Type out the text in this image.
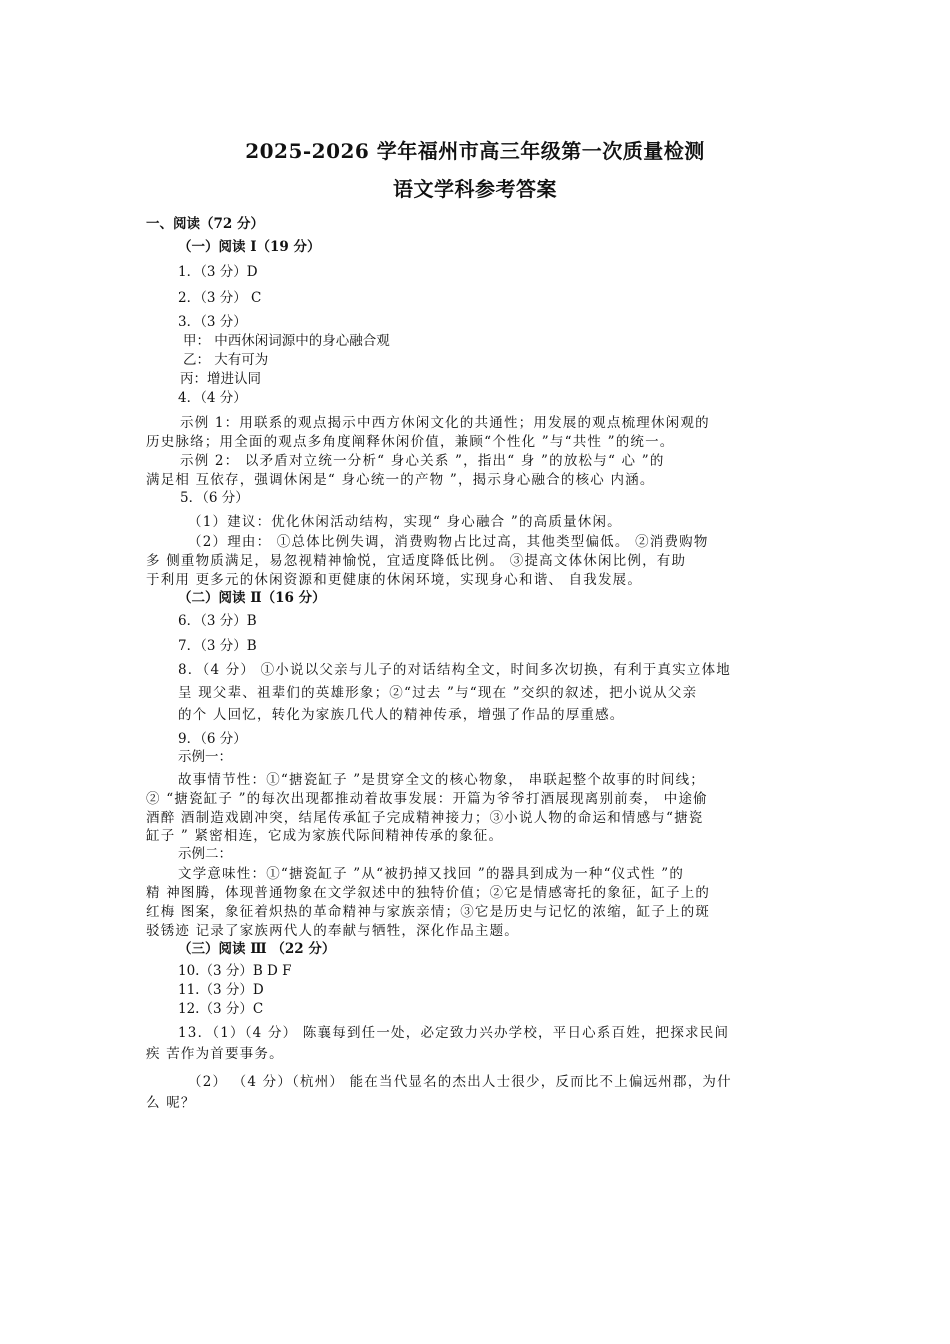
2025-2026 学年福州市高三年级第一次质量检测
语文学科参考答案
一、阅读（72 分）
（一）阅读 Ⅰ（19 分）
1．（3 分）D
2．（3 分） C
3．（3 分）
甲： 中西休闲词源中的身心融合观
乙： 大有可为
丙：增进认同
4．（4 分）
示例 1：用联系的观点揭示中西方休闲文化的共通性；用发展的观点梳理休闲观的
历史脉络；用全面的观点多角度阐释休闲价值，兼顾“个性化 ”与“共性 ”的统一。
示例 2： 以矛盾对立统一分析“ 身心关系 ”，指出“ 身 ”的放松与“ 心 ”的
满足相 互依存，强调休闲是“ 身心统一的产物 ”，揭示身心融合的核心 内涵。
5．（6 分）
（1）建议：优化休闲活动结构，实现“ 身心融合 ”的高质量休闲。
（2）理由： ①总体比例失调，消费购物占比过高，其他类型偏低。 ②消费购物
多 侧重物质满足，易忽视精神愉悦，宜适度降低比例。 ③提高文体休闲比例，有助
于利用 更多元的休闲资源和更健康的休闲环境，实现身心和谐、 自我发展。
（二）阅读 Ⅱ（16 分）
6．（3 分）B
7．（3 分）B
8．（4 分） ①小说以父亲与儿子的对话结构全文，时间多次切换，有利于真实立体地
呈 现父辈、祖辈们的英雄形象；②“过去 ”与“现在 ”交织的叙述，把小说从父亲
的个 人回忆，转化为家族几代人的精神传承，增强了作品的厚重感。
9．（6 分）
示例一：
故事情节性：①“搪瓷缸子 ”是贯穿全文的核心物象， 串联起整个故事的时间线；
② “搪瓷缸子 ”的每次出现都推动着故事发展：开篇为爷爷打酒展现离别前奏， 中途偷
酒醉 酒制造戏剧冲突，结尾传承缸子完成精神接力；③小说人物的命运和情感与“搪瓷
缸子 ” 紧密相连，它成为家族代际间精神传承的象征。
示例二：
文学意味性：①“搪瓷缸子 ”从“被扔掉又找回 ”的器具到成为一种“仪式性 ”的
精 神图腾，体现普通物象在文学叙述中的独特价值；②它是情感寄托的象征，缸子上的
红梅 图案，象征着炽热的革命精神与家族亲情；③它是历史与记忆的浓缩，缸子上的斑
驳锈迹 记录了家族两代人的奉献与牺牲，深化作品主题。
（三）阅读 Ⅲ （22 分）
10.（3 分）B D F
11.（3 分）D
12.（3 分）C
13．（1）（4 分） 陈襄每到任一处，必定致力兴办学校，平日心系百姓，把探求民间
疾 苦作为首要事务。
（2） （4 分）（杭州） 能在当代显名的杰出人士很少，反而比不上偏远州郡，为什
么 呢？
